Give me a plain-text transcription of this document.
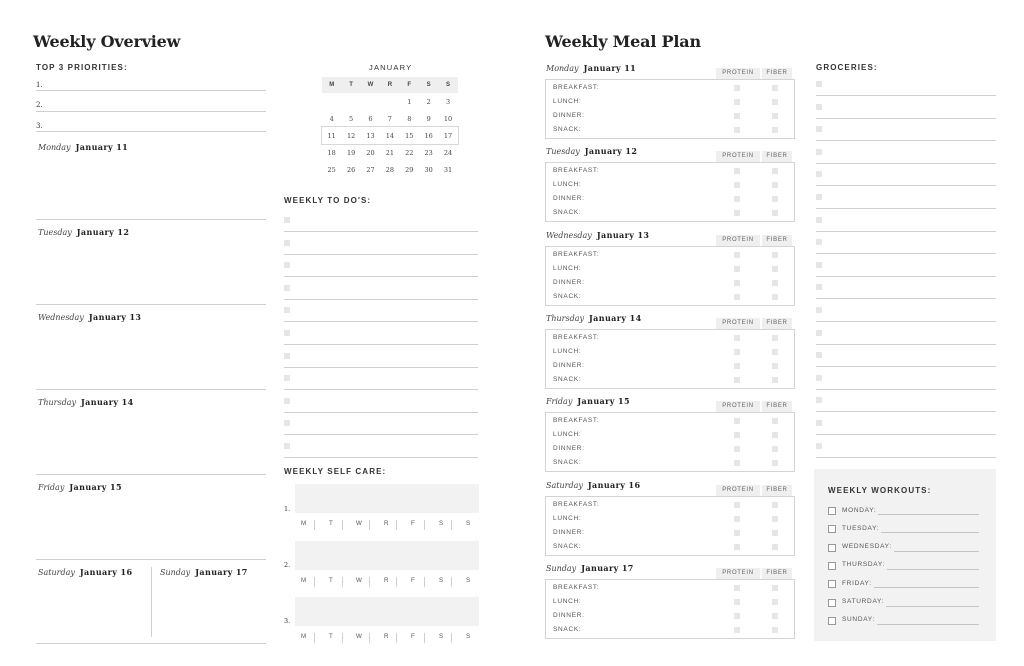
Weekly Overview
TOP 3 PRIORITIES:
1.
2.
3.
Monday January 11
Tuesday January 12
Wednesday January 13
Thursday January 14
Friday January 15
Saturday January 16	Sunday January 17
JANUARY
M	T	W	R	F	S	S
				1	2	3
4	5	6	7	8	9	10
11	12	13	14	15	16	17
18	19	20	21	22	23	24
25	26	27	28	29	30	31
WEEKLY TO DO'S:
WEEKLY SELF CARE:
1.
M	T	W	R	F	S	S
2.
M	T	W	R	F	S	S
3.
M	T	W	R	F	S	S
Weekly Meal Plan
Monday January 11	PROTEIN	FIBER
BREAKFAST:
LUNCH:
DINNER:
SNACK:
Tuesday January 12	PROTEIN	FIBER
BREAKFAST:
LUNCH:
DINNER:
SNACK:
Wednesday January 13	PROTEIN	FIBER
BREAKFAST:
LUNCH:
DINNER:
SNACK:
Thursday January 14	PROTEIN	FIBER
BREAKFAST:
LUNCH:
DINNER:
SNACK:
Friday January 15	PROTEIN	FIBER
BREAKFAST:
LUNCH:
DINNER:
SNACK:
Saturday January 16	PROTEIN	FIBER
BREAKFAST:
LUNCH:
DINNER:
SNACK:
Sunday January 17	PROTEIN	FIBER
BREAKFAST:
LUNCH:
DINNER:
SNACK:
GROCERIES:
WEEKLY WORKOUTS:
MONDAY:
TUESDAY:
WEDNESDAY:
THURSDAY:
FRIDAY:
SATURDAY:
SUNDAY:
